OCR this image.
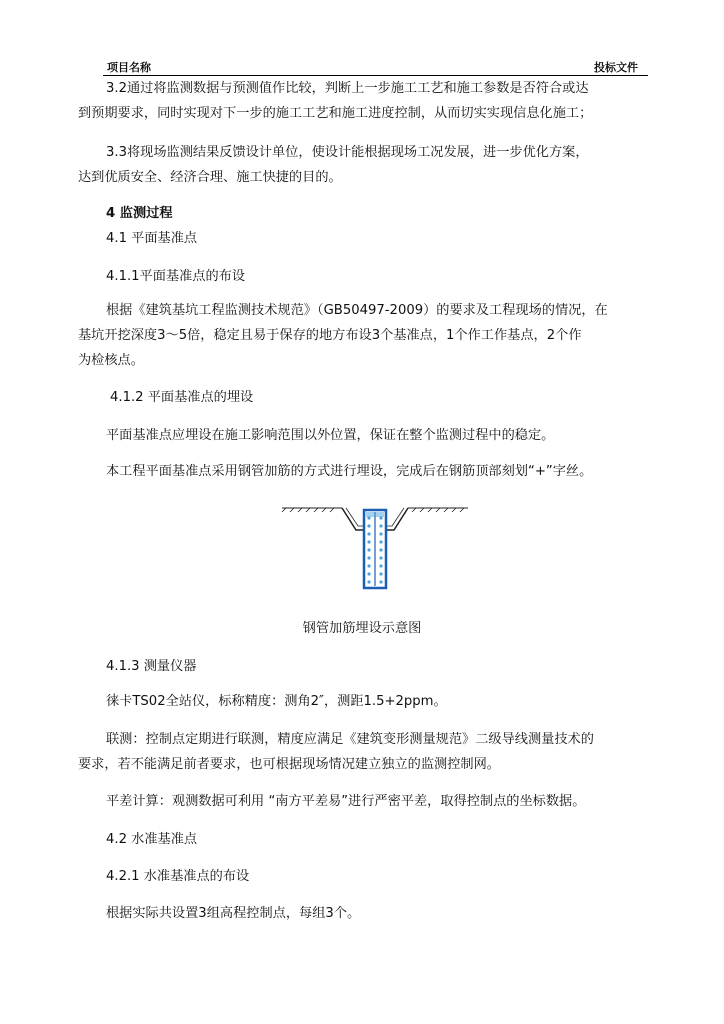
项目名称	投标文件

3.2通过将监测数据与预测值作比较，判断上一步施工工艺和施工参数是否符合或达

到预期要求，同时实现对下一步的施工工艺和施工进度控制，从而切实实现信息化施工；

3.3将现场监测结果反馈设计单位，使设计能根据现场工况发展，进一步优化方案，

达到优质安全、经济合理、施工快捷的目的。

4 监测过程

4.1 平面基准点

4.1.1平面基准点的布设

根据《建筑基坑工程监测技术规范》（GB50497-2009）的要求及工程现场的情况，在

基坑开挖深度3～5倍，稳定且易于保存的地方布设3个基准点，1个作工作基点，2个作

为检核点。

4.1.2 平面基准点的埋设

平面基准点应埋设在施工影响范围以外位置，保证在整个监测过程中的稳定。

本工程平面基准点采用钢管加筋的方式进行埋设，完成后在钢筋顶部刻划“+”字丝。

钢管加筋埋设示意图

4.1.3 测量仪器

徕卡TS02全站仪，标称精度：测角2″，测距1.5+2ppm。

联测：控制点定期进行联测，精度应满足《建筑变形测量规范》二级导线测量技术的

要求，若不能满足前者要求，也可根据现场情况建立独立的监测控制网。

平差计算：观测数据可利用 “南方平差易”进行严密平差，取得控制点的坐标数据。

4.2 水准基准点

4.2.1 水准基准点的布设

根据实际共设置3组高程控制点，每组3个。
